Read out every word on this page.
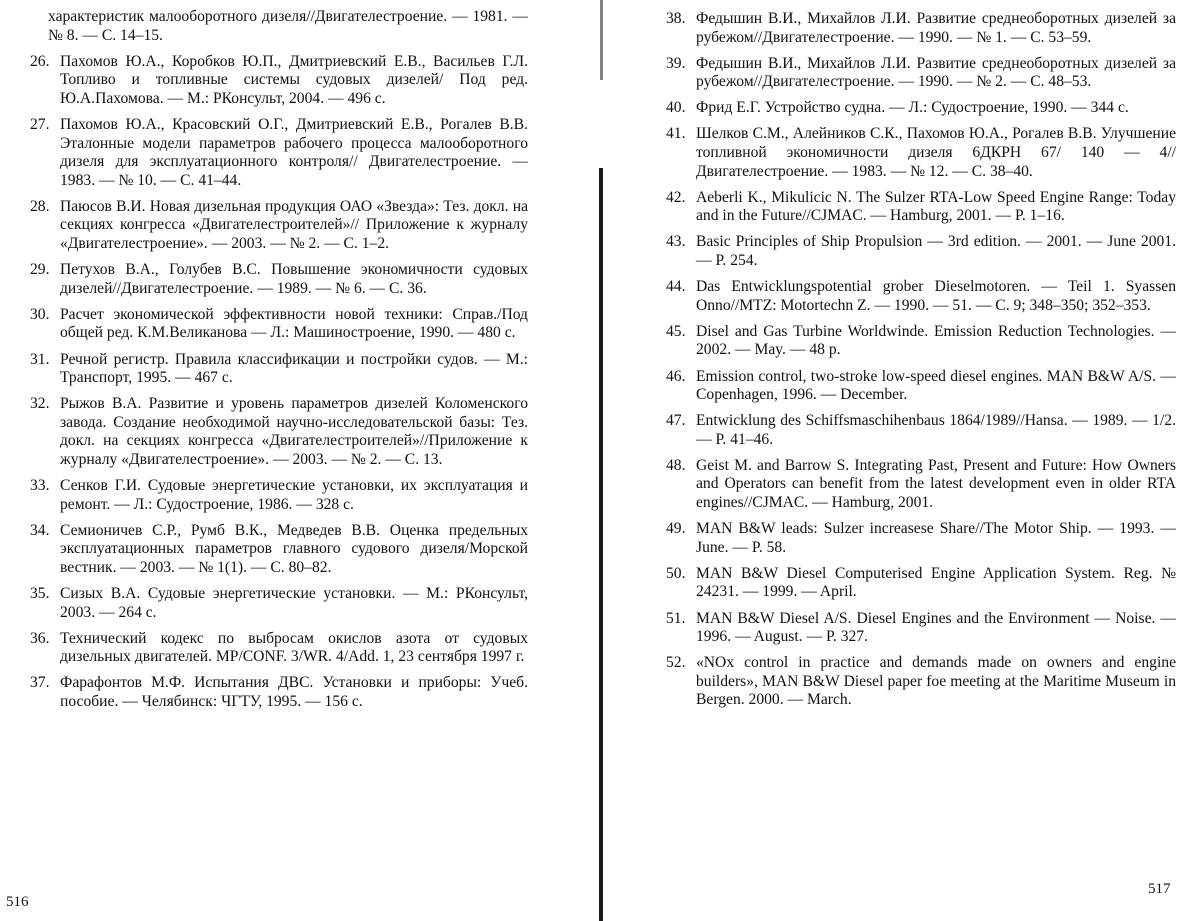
характеристик малооборотного дизеля//Двигателестроение. — 1981. — № 8. — С. 14–15.
26. Пахомов Ю.А., Коробков Ю.П., Дмитриевский Е.В., Васильев Г.Л. Топливо и топливные системы судовых дизелей/ Под ред. Ю.А.Пахомова. — М.: РКонсульт, 2004. — 496 с.
27. Пахомов Ю.А., Красовский О.Г., Дмитриевский Е.В., Рогалев В.В. Эталонные модели параметров рабочего процесса малооборотного дизеля для эксплуатационного контроля// Двигателестроение. — 1983. — № 10. — С. 41–44.
28. Паюсов В.И. Новая дизельная продукция ОАО «Звезда»: Тез. докл. на секциях конгресса «Двигателестроителей»// Приложение к журналу «Двигателестроение». — 2003. — № 2. — С. 1–2.
29. Петухов В.А., Голубев В.С. Повышение экономичности судовых дизелей//Двигателестроение. — 1989. — № 6. — С. 36.
30. Расчет экономической эффективности новой техники: Справ./Под общей ред. К.М.Великанова — Л.: Машиностроение, 1990. — 480 с.
31. Речной регистр. Правила классификации и постройки судов. — М.: Транспорт, 1995. — 467 с.
32. Рыжов В.А. Развитие и уровень параметров дизелей Коломенского завода. Создание необходимой научно-исследовательской базы: Тез. докл. на секциях конгресса «Двигателестроителей»//Приложение к журналу «Двигателестроение». — 2003. — № 2. — С. 13.
33. Сенков Г.И. Судовые энергетические установки, их эксплуатация и ремонт. — Л.: Судостроение, 1986. — 328 с.
34. Семионичев С.Р., Румб В.К., Медведев В.В. Оценка предельных эксплуатационных параметров главного судового дизеля/Морской вестник. — 2003. — № 1(1). — С. 80–82.
35. Сизых В.А. Судовые энергетические установки. — М.: РКонсульт, 2003. — 264 с.
36. Технический кодекс по выбросам окислов азота от судовых дизельных двигателей. MP/CONF. 3/WR. 4/Add. 1, 23 сентября 1997 г.
37. Фарафонтов М.Ф. Испытания ДВС. Установки и приборы: Учеб. пособие. — Челябинск: ЧГТУ, 1995. — 156 с.
516
38. Федышин В.И., Михайлов Л.И. Развитие среднеоборотных дизелей за рубежом//Двигателестроение. — 1990. — № 1. — С. 53–59.
39. Федышин В.И., Михайлов Л.И. Развитие среднеоборотных дизелей за рубежом//Двигателестроение. — 1990. — № 2. — С. 48–53.
40. Фрид Е.Г. Устройство судна. — Л.: Судостроение, 1990. — 344 с.
41. Шелков С.М., Алейников С.К., Пахомов Ю.А., Рогалев В.В. Улучшение топливной экономичности дизеля 6ДКРН 67/ 140 — 4//Двигателестроение. — 1983. — № 12. — С. 38–40.
42. Aeberli K., Mikulicic N. The Sulzer RTA-Low Speed Engine Range: Today and in the Future//CJMAC. — Hamburg, 2001. — P. 1–16.
43. Basic Principles of Ship Propulsion — 3rd edition. — 2001. — June 2001. — P. 254.
44. Das Entwicklungspotential grober Dieselmotoren. — Teil 1. Syassen Onno//MTZ: Motortechn Z. — 1990. — 51. — С. 9; 348–350; 352–353.
45. Disel and Gas Turbine Worldwinde. Emission Reduction Technologies. — 2002. — May. — 48 p.
46. Emission control, two-stroke low-speed diesel engines. MAN B&W A/S. — Copenhagen, 1996. — December.
47. Entwicklung des Schiffsmaschihenbaus 1864/1989//Hansa. — 1989. — 1/2. — P. 41–46.
48. Geist M. and Barrow S. Integrating Past, Present and Future: How Owners and Operators can benefit from the latest development even in older RTA engines//CJMAC. — Hamburg, 2001.
49. MAN B&W leads: Sulzer increasese Share//The Motor Ship. — 1993. — June. — P. 58.
50. MAN B&W Diesel Computerised Engine Application System. Reg. № 24231. — 1999. — April.
51. MAN B&W Diesel A/S. Diesel Engines and the Environment — Noise. — 1996. — August. — P. 327.
52. «NOx control in practice and demands made on owners and engine builders», MAN B&W Diesel paper foe meeting at the Maritime Museum in Bergen. 2000. — March.
517
